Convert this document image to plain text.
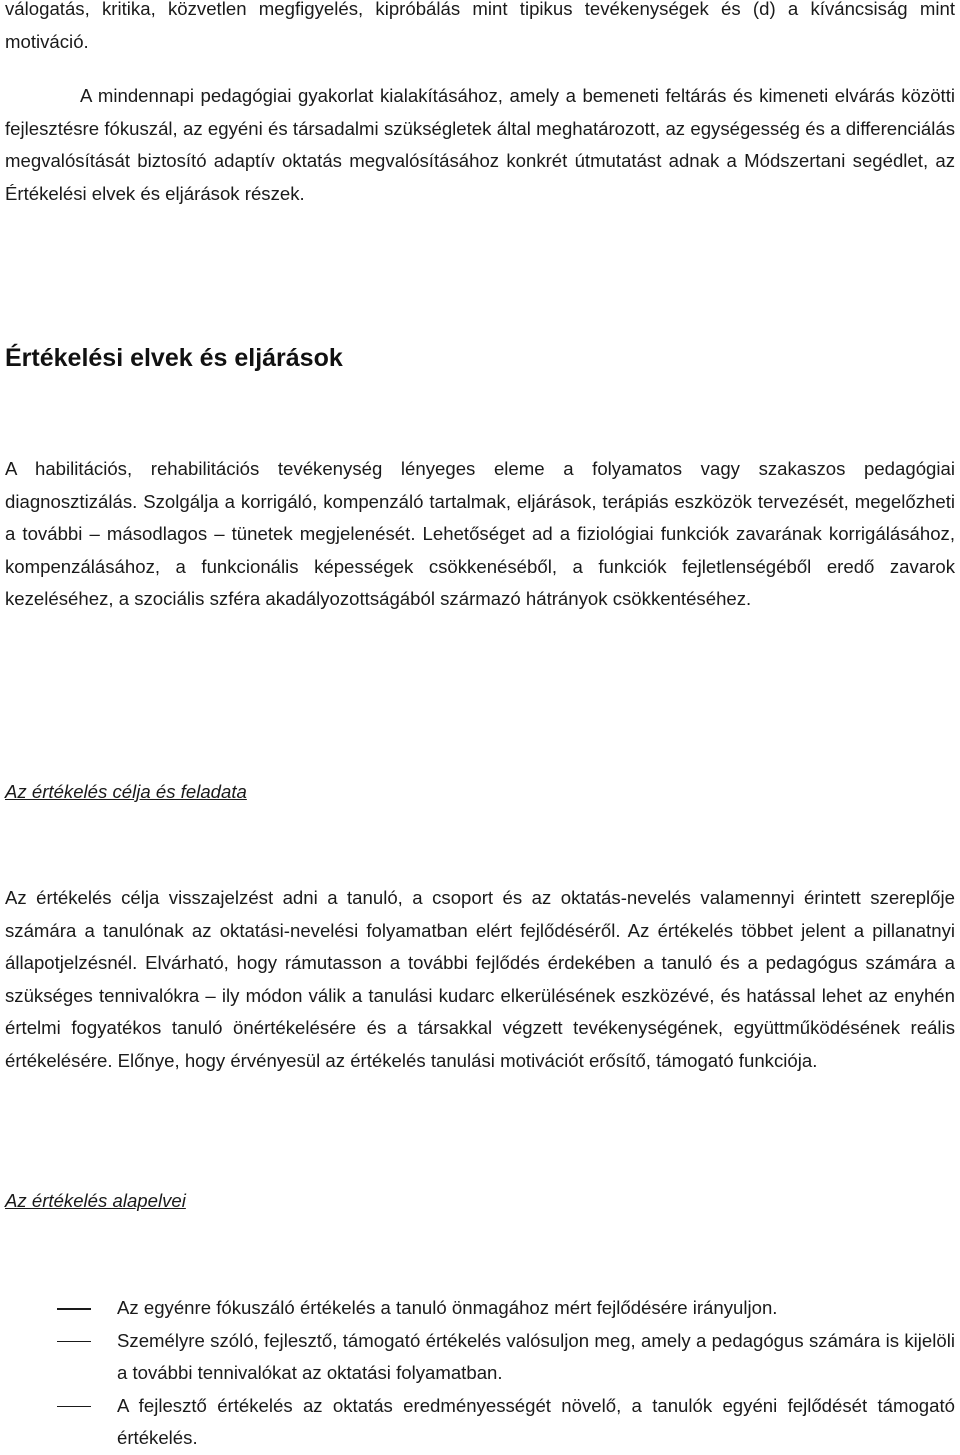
válogatás, kritika, közvetlen megfigyelés, kipróbálás mint tipikus tevékenységek és (d) a kíváncsiság mint motiváció.

A mindennapi pedagógiai gyakorlat kialakításához, amely a bemeneti feltárás és kimeneti elvárás közötti fejlesztésre fókuszál, az egyéni és társadalmi szükségletek által meghatározott, az egységesség és a differenciálás megvalósítását biztosító adaptív oktatás megvalósításához konkrét útmutatást adnak a Módszertani segédlet, az Értékelési elvek és eljárások részek.

Értékelési elvek és eljárások

A habilitációs, rehabilitációs tevékenység lényeges eleme a folyamatos vagy szakaszos pedagógiai diagnosztizálás. Szolgálja a korrigáló, kompenzáló tartalmak, eljárások, terápiás eszközök tervezését, megelőzheti a további – másodlagos – tünetek megjelenését. Lehetőséget ad a fiziológiai funkciók zavarának korrigálásához, kompenzálásához, a funkcionális képességek csökkenéséből, a funkciók fejletlenségéből eredő zavarok kezeléséhez, a szociális szféra akadályozottságából származó hátrányok csökkentéséhez.

Az értékelés célja és feladata

Az értékelés célja visszajelzést adni a tanuló, a csoport és az oktatás-nevelés valamennyi érintett szereplője számára a tanulónak az oktatási-nevelési folyamatban elért fejlődéséről. Az értékelés többet jelent a pillanatnyi állapotjelzésnél. Elvárható, hogy rámutasson a további fejlődés érdekében a tanuló és a pedagógus számára a szükséges tennivalókra – ily módon válik a tanulási kudarc elkerülésének eszközévé, és hatással lehet az enyhén értelmi fogyatékos tanuló önértékelésére és a társakkal végzett tevékenységének, együttműködésének reális értékelésére. Előnye, hogy érvényesül az értékelés tanulási motivációt erősítő, támogató funkciója.

Az értékelés alapelvei
Az egyénre fókuszáló értékelés a tanuló önmagához mért fejlődésére irányuljon.
Személyre szóló, fejlesztő, támogató értékelés valósuljon meg, amely a pedagógus számára is kijelöli a további tennivalókat az oktatási folyamatban.
A fejlesztő értékelés az oktatás eredményességét növelő, a tanulók egyéni fejlődését támogató értékelés.
